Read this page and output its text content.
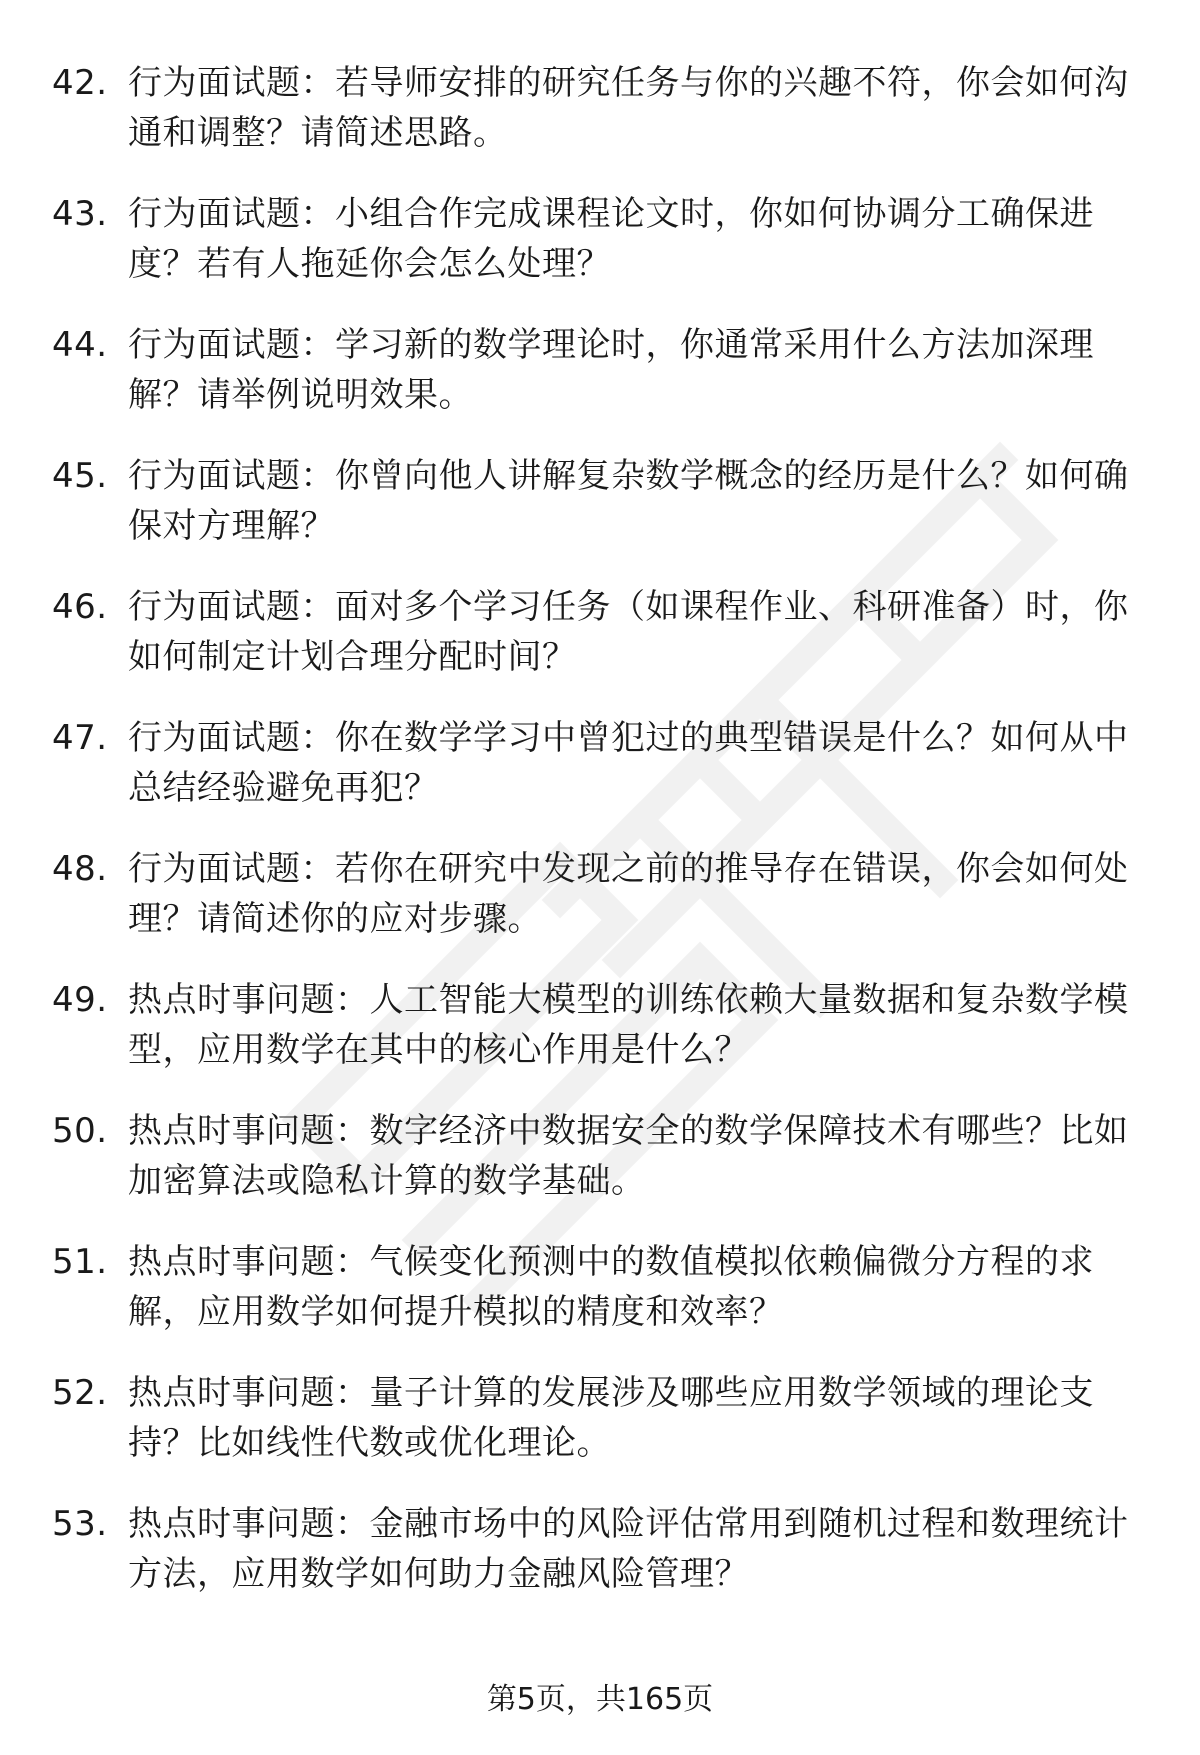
42. 行为面试题：若导师安排的研究任务与你的兴趣不符，你会如何沟通和调整？请简述思路。
43. 行为面试题：小组合作完成课程论文时，你如何协调分工确保进度？若有人拖延你会怎么处理？
44. 行为面试题：学习新的数学理论时，你通常采用什么方法加深理解？请举例说明效果。
45. 行为面试题：你曾向他人讲解复杂数学概念的经历是什么？如何确保对方理解？
46. 行为面试题：面对多个学习任务（如课程作业、科研准备）时，你如何制定计划合理分配时间？
47. 行为面试题：你在数学学习中曾犯过的典型错误是什么？如何从中总结经验避免再犯？
48. 行为面试题：若你在研究中发现之前的推导存在错误，你会如何处理？请简述你的应对步骤。
49. 热点时事问题：人工智能大模型的训练依赖大量数据和复杂数学模型，应用数学在其中的核心作用是什么？
50. 热点时事问题：数字经济中数据安全的数学保障技术有哪些？比如加密算法或隐私计算的数学基础。
51. 热点时事问题：气候变化预测中的数值模拟依赖偏微分方程的求解，应用数学如何提升模拟的精度和效率？
52. 热点时事问题：量子计算的发展涉及哪些应用数学领域的理论支持？比如线性代数或优化理论。
53. 热点时事问题：金融市场中的风险评估常用到随机过程和数理统计方法，应用数学如何助力金融风险管理？
第5页，共165页
